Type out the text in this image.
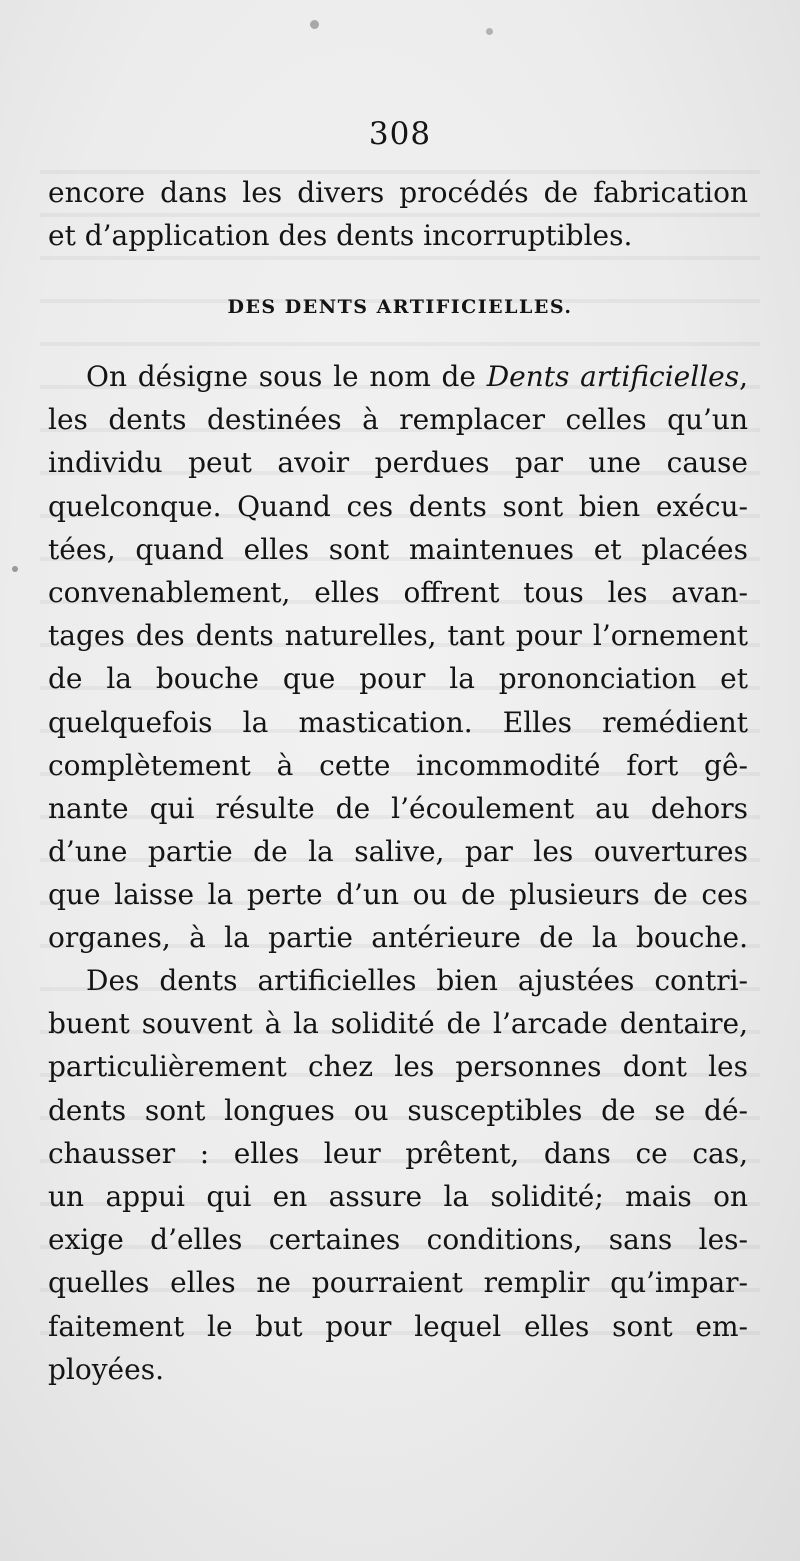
308
encore dans les divers procédés de fabrication
et d’application des dents incorruptibles.
DES DENTS ARTIFICIELLES.
On désigne sous le nom de Dents artificielles,
les dents destinées à remplacer celles qu’un
individu peut avoir perdues par une cause
quelconque. Quand ces dents sont bien exécu-
tées, quand elles sont maintenues et placées
convenablement, elles offrent tous les avan-
tages des dents naturelles, tant pour l’ornement
de la bouche que pour la prononciation et
quelquefois la mastication. Elles remédient
complètement à cette incommodité fort gê-
nante qui résulte de l’écoulement au dehors
d’une partie de la salive, par les ouvertures
que laisse la perte d’un ou de plusieurs de ces
organes, à la partie antérieure de la bouche.
Des dents artificielles bien ajustées contri-
buent souvent à la solidité de l’arcade dentaire,
particulièrement chez les personnes dont les
dents sont longues ou susceptibles de se dé-
chausser : elles leur prêtent, dans ce cas,
un appui qui en assure la solidité; mais on
exige d’elles certaines conditions, sans les-
quelles elles ne pourraient remplir qu’impar-
faitement le but pour lequel elles sont em-
ployées.
